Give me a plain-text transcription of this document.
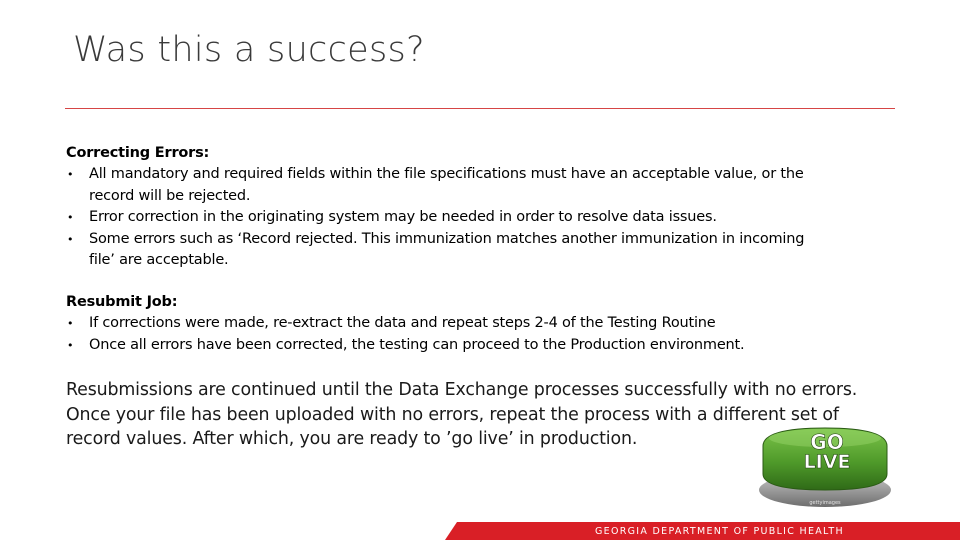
Was this a success?
Correcting Errors:
• All mandatory and required fields within the file specifications must have an acceptable value, or the
record will be rejected.
• Error correction in the originating system may be needed in order to resolve data issues.
• Some errors such as ‘Record rejected. This immunization matches another immunization in incoming
file’ are acceptable.
Resubmit Job:
• If corrections were made, re-extract the data and repeat steps 2-4 of the Testing Routine
• Once all errors have been corrected, the testing can proceed to the Production environment.

Resubmissions are continued until the Data Exchange processes successfully with no errors.

Once your file has been uploaded with no errors, repeat the process with a different set of

record values. After which, you are ready to ’go live’ in production.	GO
LIVE
gettyimages
GEORGIA DEPARTMENT OF PUBLIC HEALTH
